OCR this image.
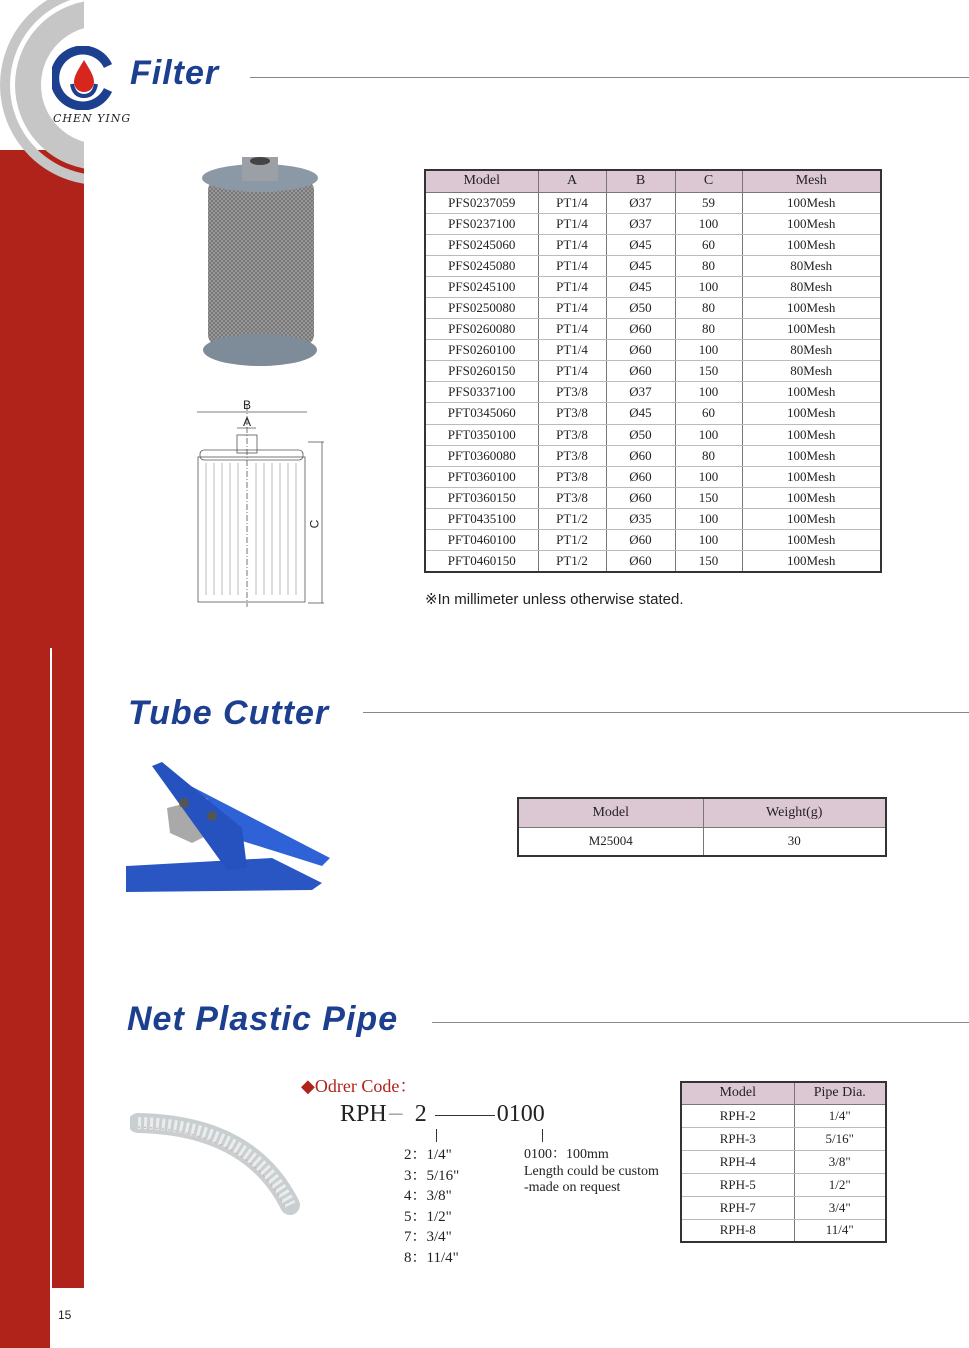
Filter / Tube Cutter/Net Plastic Pipe
15
CHEN YING
Filter
B
A
C
Model	A	B	C	Mesh
PFS0237059	PT1/4	Ø37	59	100Mesh
PFS0237100	PT1/4	Ø37	100	100Mesh
PFS0245060	PT1/4	Ø45	60	100Mesh
PFS0245080	PT1/4	Ø45	80	80Mesh
PFS0245100	PT1/4	Ø45	100	80Mesh
PFS0250080	PT1/4	Ø50	80	100Mesh
PFS0260080	PT1/4	Ø60	80	100Mesh
PFS0260100	PT1/4	Ø60	100	80Mesh
PFS0260150	PT1/4	Ø60	150	80Mesh
PFS0337100	PT3/8	Ø37	100	100Mesh
PFT0345060	PT3/8	Ø45	60	100Mesh
PFT0350100	PT3/8	Ø50	100	100Mesh
PFT0360080	PT3/8	Ø60	80	100Mesh
PFT0360100	PT3/8	Ø60	100	100Mesh
PFT0360150	PT3/8	Ø60	150	100Mesh
PFT0435100	PT1/2	Ø35	100	100Mesh
PFT0460100	PT1/2	Ø60	100	100Mesh
PFT0460150	PT1/2	Ø60	150	100Mesh
※In millimeter unless otherwise stated.
Tube Cutter
Model	Weight(g)
M25004	30
Net Plastic Pipe
◆Odrer Code：
RPH－ 2	0100
2：1/4"
3：5/16"
4：3/8"
5：1/2"
7：3/4"
8：11/4"
0100：100mm
Length could be custom
-made on request
Model	Pipe Dia.
RPH-2	1/4"
RPH-3	5/16"
RPH-4	3/8"
RPH-5	1/2"
RPH-7	3/4"
RPH-8	11/4"
